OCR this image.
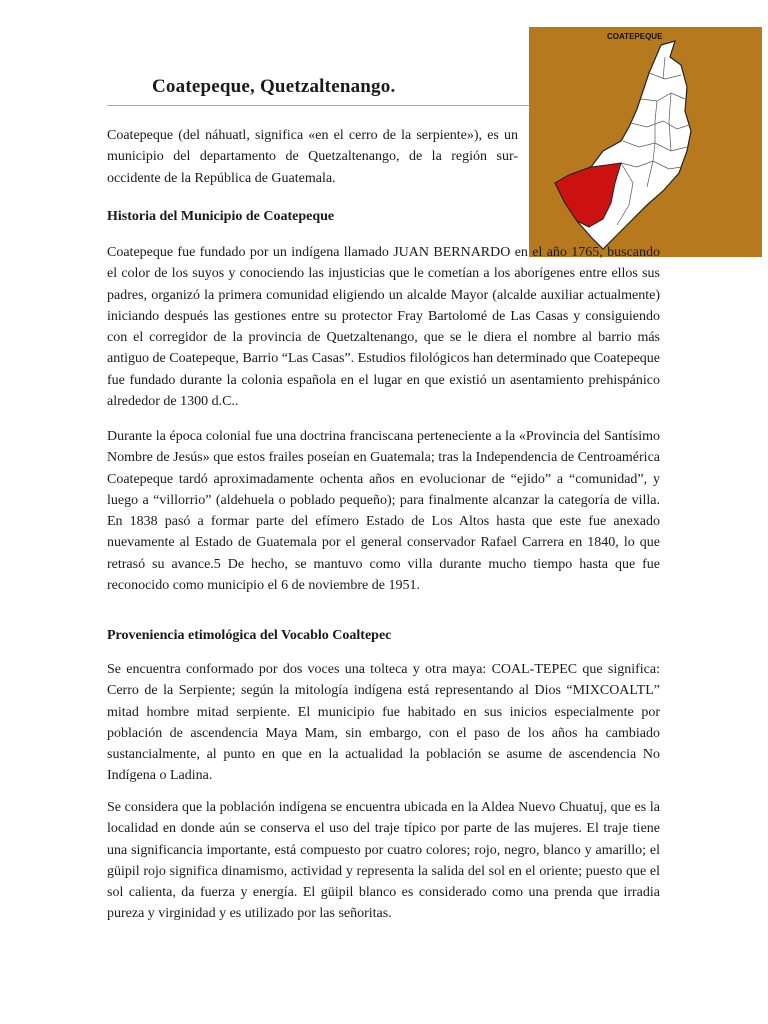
Coatepeque, Quetzaltenango.
COATEPEQUE

Coatepeque (del náhuatl, significa «en el cerro de la serpiente»), es un municipio del departamento de Quetzaltenango, de la región sur-occidente de la República de Guatemala.

Historia del Municipio de Coatepeque

Coatepeque fue fundado por un indígena llamado JUAN BERNARDO en el año 1765, buscando el color de los suyos y conociendo las injusticias que le cometían a los aborígenes entre ellos sus padres, organizó la primera comunidad eligiendo un alcalde Mayor (alcalde auxiliar actualmente) iniciando después las gestiones entre su protector Fray Bartolomé de Las Casas y consiguiendo con el corregidor de la provincia de Quetzaltenango, que se le diera el nombre al barrio más antiguo de Coatepeque, Barrio “Las Casas”. Estudios filológicos han determinado que Coatepeque fue fundado durante la colonia española en el lugar en que existió un asentamiento prehispánico alrededor de 1300 d.C..

Durante la época colonial fue una doctrina franciscana perteneciente a la «Provincia del Santísimo Nombre de Jesús» que estos frailes poseían en Guatemala; tras la Independencia de Centroamérica Coatepeque tardó aproximadamente ochenta años en evolucionar de “ejido” a “comunidad”, y luego a “villorrio” (aldehuela o poblado pequeño); para finalmente alcanzar la categoría de villa. En 1838 pasó a formar parte del efímero Estado de Los Altos hasta que este fue anexado nuevamente al Estado de Guatemala por el general conservador Rafael Carrera en 1840, lo que retrasó su avance.5 De hecho, se mantuvo como villa durante mucho tiempo hasta que fue reconocido como municipio el 6 de noviembre de 1951.

Proveniencia etimológica del Vocablo Coaltepec

Se encuentra conformado por dos voces una tolteca y otra maya: COAL-TEPEC que significa: Cerro de la Serpiente; según la mitología indígena está representando al Dios “MIXCOALTL” mitad hombre mitad serpiente. El municipio fue habitado en sus inicios especialmente por población de ascendencia Maya Mam, sin embargo, con el paso de los años ha cambiado sustancialmente, al punto en que en la actualidad la población se asume de ascendencia No Indígena o Ladina.

Se considera que la población indígena se encuentra ubicada en la Aldea Nuevo Chuatuj, que es la localidad en donde aún se conserva el uso del traje típico por parte de las mujeres. El traje tiene una significancia importante, está compuesto por cuatro colores; rojo, negro, blanco y amarillo; el güipil rojo significa dinamismo, actividad y representa la salida del sol en el oriente; puesto que el sol calienta, da fuerza y energía. El güipil blanco es considerado como una prenda que irradia pureza y virginidad y es utilizado por las señoritas.
